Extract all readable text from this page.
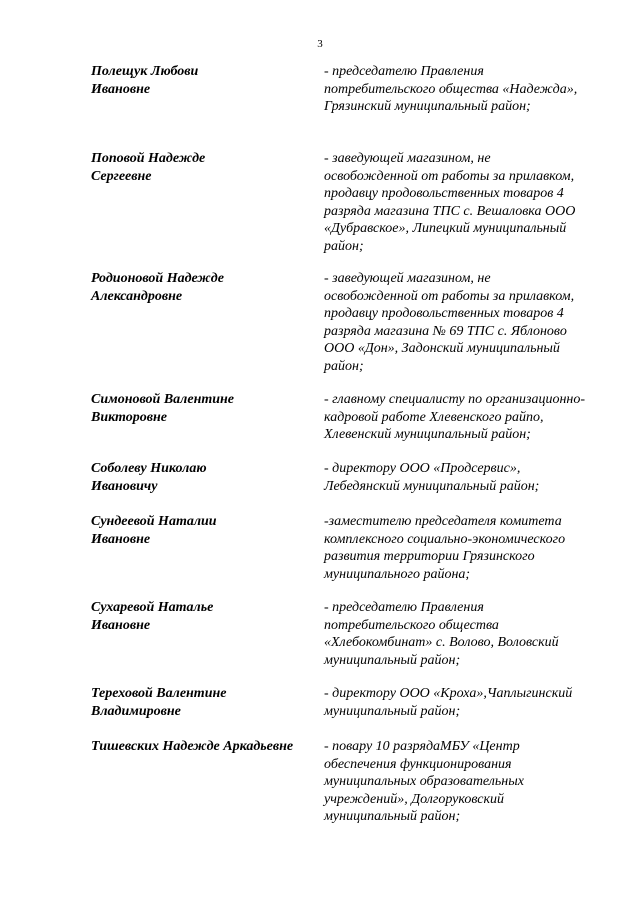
3
Полещук Любови
Ивановне
- председателю Правления
потребительского общества «Надежда»,
Грязинский муниципальный район;
Поповой Надежде
Сергеевне
- заведующей магазином, не
освобожденной от работы за прилавком,
продавцу продовольственных товаров 4
разряда магазина ТПС с. Вешаловка ООО
«Дубравское», Липецкий муниципальный
район;
Родионовой Надежде
Александровне
- заведующей магазином, не
освобожденной от работы за прилавком,
продавцу продовольственных товаров 4
разряда магазина № 69 ТПС с. Яблоново
ООО «Дон», Задонский муниципальный
район;
Симоновой Валентине
Викторовне
- главному специалисту по организационно-
кадровой работе Хлевенского райпо,
Хлевенский муниципальный район;
Соболеву Николаю
Ивановичу
- директору ООО «Продсервис»,
Лебедянский муниципальный район;
Сундеевой Наталии
Ивановне
-заместителю председателя комитета
комплексного социально-экономического
развития территории Грязинского
муниципального района;
Сухаревой Наталье
Ивановне
- председателю Правления
потребительского общества
«Хлебокомбинат» с. Волово, Воловский
муниципальный район;
Тереховой Валентине
Владимировне
- директору ООО «Кроха»,Чаплыгинский
муниципальный район;
Тишевских Надежде Аркадьевне	- повару 10 разрядаМБУ «Центр
обеспечения функционирования
муниципальных образовательных
учреждений», Долгоруковский
муниципальный район;
